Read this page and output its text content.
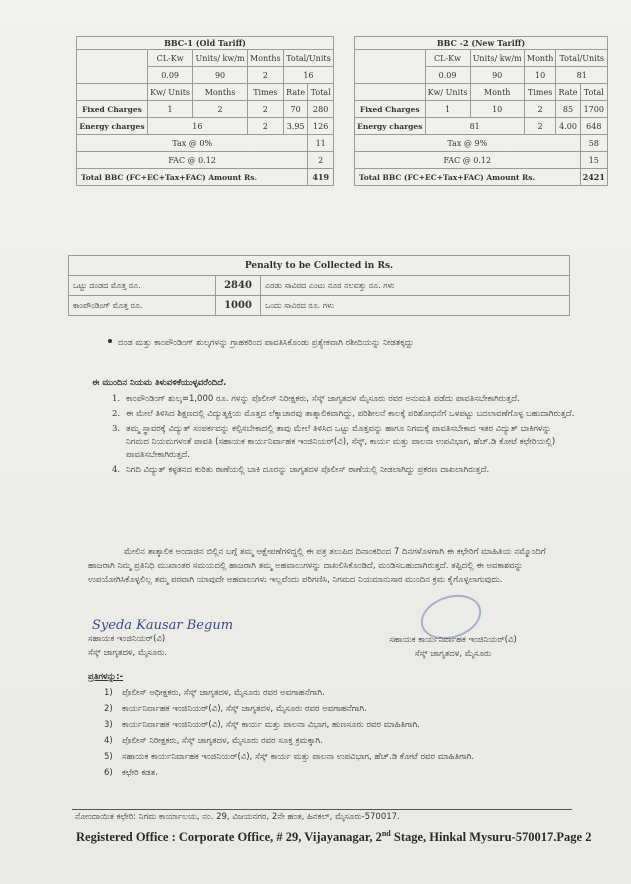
BBC-1 (Old Tariff)					
	CL-Kw	Units/ kw/m	Months	Total/Units	
	0.09	90	2	16	
	Kw/ Units	Months	Times	Rate	Total
Fixed Charges	1	2	2	70	280
Energy charges	16		2	3.95	126
Tax @ 0%					11
FAC @ 0.12					2
Total BBC (FC+EC+Tax+FAC) Amount Rs.					419
BBC -2 (New Tariff)					
	CL-Kw	Units/ kw/m	Month	Total/Units	
	0.09	90	10	81	
	Kw/ Units	Month	Times	Rate	Total
Fixed Charges	1	10	2	85	1700
Energy charges	81		2	4.00	648
Tax @ 9%					58
FAC @ 0.12					15
Total BBC (FC+EC+Tax+FAC) Amount Rs.					2421
Penalty to be Collected in Rs.		
ಒಟ್ಟು ದಂಡದ ಮೊತ್ತ ರೂ.	2840	ಎರಡು ಸಾವಿರದ ಎಂಟು ನೂರ ನಲವತ್ತು ರೂ. ಗಳು
ಕಾಂಪೌಂಡಿಂಗ್ ಮೊತ್ತ ರೂ.	1000	ಒಂದು ಸಾವಿರದ ರೂ. ಗಳು
ದಂಡ ಮತ್ತು ಕಾಂಪೌಂಡಿಂಗ್ ಶುಲ್ಕಗಳನ್ನು ಗ್ರಾಹಕರಿಂದ ಪಾವತಿಸಿಕೊಂಡು ಪ್ರತ್ಯೇಕವಾಗಿ ರಶೀದಿಯನ್ನು ನೀಡತಕ್ಕದ್ದು
ಈ ಮುಂದಿನ ನಿಯಮ ತಿಳುವಳಿಕೆಯುಳ್ಳವರೆಂದಿದೆ.
1. ಕಾಂಪೌಂಡಿಂಗ್ ಶುಲ್ಕ=1,000 ರೂ. ಗಳನ್ನು ಪೊಲೀಸ್ ನಿರೀಕ್ಷಕರು, ಸೆಸ್ಕ್ ಜಾಗೃತದಳ ಮೈಸೂರು ರವರ ಅನುಮತಿ ಪಡೆದು ಪಾವತಿಸಬೇಕಾಗಿರುತ್ತದೆ.
2. ಈ ಮೇಲೆ ತಿಳಿಸಿದ ಶಿಕ್ಷಣದಲ್ಲಿ ವಿದ್ಯುತ್ಶಕ್ತಿಯ ಮೊತ್ತದ ಲೆಕ್ಕಾಚಾರವು ತಾತ್ಕಾಲಿಕವಾಗಿದ್ದು, ಪರಿಶೀಲನೆ ಕಾಲಕ್ಕೆ ಪರಿಶೋಧನೆಗೆ ಒಳಪಟ್ಟು ಬದಲಾವಣೆಗೊಳ್ಳ ಬಹುದಾಗಿರುತ್ತದೆ.
3. ತಮ್ಮ ಸ್ಥಾವರಕ್ಕೆ ವಿದ್ಯುತ್ ಸಂಪರ್ಕವನ್ನು ಕಲ್ಪಿಸಬೇಕಾದಲ್ಲಿ ತಾವು ಮೇಲೆ ತಿಳಿಸಿದ ಒಟ್ಟು ಮೊತ್ತವನ್ನು ಹಾಗೂ ನಿಗಮಕ್ಕೆ ಪಾವತಿಸಬೇಕಾದ ಇತರ ವಿದ್ಯುತ್ ಬಾಕಿಗಳನ್ನು ನಿಗಮದ ನಿಯಮಗಳಂತೆ ಪಾವತಿ (ಸಹಾಯಕ ಕಾರ್ಯನಿರ್ವಾಹಕ ಇಂಜಿನಿಯರ್(ವಿ), ಸೆಸ್ಕ್, ಕಾರ್ಯ ಮತ್ತು ಪಾಲನಾ ಉಪವಿಭಾಗ, ಹೆಚ್.ಡಿ ಕೋಟೆ ಕಛೇರಿಯಲ್ಲಿ) ಪಾವತಿಸಬೇಕಾಗಿರುತ್ತದೆ.
4. ನಿಗದಿ ವಿದ್ಯುತ್ ಕಳ್ಳತನದ ಕುರಿತು ಠಾಣೆಯಲ್ಲಿ ಬಾಕಿ ದೂರನ್ನು ಜಾಗೃತದಳ ಪೊಲೀಸ್ ಠಾಣೆಯಲ್ಲಿ ನೀಡಲಾಗಿದ್ದು ಪ್ರಕರಣ ದಾಖಲಾಗಿರುತ್ತದೆ.
ಮೇಲಿನ ತಾತ್ಕಾಲಿಕ ಅಂದಾಜಿನ ಬಿಲ್ಲಿನ ಬಗ್ಗೆ ತಮ್ಮ ಆಕ್ಷೇಪಣೆಗಳಿದ್ದಲ್ಲಿ ಈ ಪತ್ರ ತಲುಪಿದ ದಿನಾಂಕದಿಂದ 7 ದಿನಗಳೊಳಗಾಗಿ ಈ ಕಛೇರಿಗೆ ಮಾಹಿತಿಯ ನಮ್ಮೊಂದಿಗೆ ಹಾಜರಾಗಿ ನಿಮ್ಮ ಪ್ರತಿನಿಧಿ ಮುಖಾಂತರ ಸಮಯದಲ್ಲಿ ಹಾಜರಾಗಿ ತಮ್ಮ ಅಹವಾಲುಗಳನ್ನು ದಾಖಲಿಸಿಕೊಂಡಿದೆ, ಮಂಡಿಸಬಹುದಾಗಿರುತ್ತದೆ. ತಪ್ಪಿದಲ್ಲಿ ಈ ಅವಕಾಶವನ್ನು ಉಪಯೋಗಿಸಿಕೊಳ್ಳಲಿಲ್ಲ ತಮ್ಮ ಪರವಾಗಿ ಯಾವುದೇ ಅಹವಾಲುಗಳು ಇಲ್ಲವೆಂದು ಪರಿಗಣಿಸಿ, ನಿಗಮದ ನಿಯಮಾನುಸಾರ ಮುಂದಿನ ಕ್ರಮ ಕೈಗೊಳ್ಳಲಾಗುವುದು.
Syeda Kausar Begum
ಸಹಾಯಕ ಇಂಜಿನಿಯರ್(ವಿ)
ಸೆಸ್ಕ್ ಜಾಗೃತದಳ, ಮೈಸೂರು.
ಸಹಾಯಕ ಕಾರ್ಯನಿರ್ವಾಹಕ ಇಂಜಿನಿಯರ್(ವಿ)
ಸೆಸ್ಕ್ ಜಾಗೃತದಳ, ಮೈಸೂರು
ಪ್ರತಿಗಳನ್ನು:-
1) ಪೊಲೀಸ್ ಅಧೀಕ್ಷಕರು, ಸೆಸ್ಕ್ ಜಾಗೃತದಳ, ಮೈಸೂರು ರವರ ಅವಗಾಹನೆಗಾಗಿ.
2) ಕಾರ್ಯನಿರ್ವಾಹಕ ಇಂಜಿನಿಯರ್(ವಿ), ಸೆಸ್ಕ್ ಜಾಗೃತದಳ, ಮೈಸೂರು ರವರ ಅವಗಾಹನೆಗಾಗಿ.
3) ಕಾರ್ಯನಿರ್ವಾಹಕ ಇಂಜಿನಿಯರ್(ವಿ), ಸೆಸ್ಕ್ ಕಾರ್ಯ ಮತ್ತು ಪಾಲನಾ ವಿಭಾಗ, ಹುಣಸೂರು ರವರ ಮಾಹಿತಿಗಾಗಿ.
4) ಪೊಲೀಸ್ ನಿರೀಕ್ಷಕರು, ಸೆಸ್ಕ್ ಜಾಗೃತದಳ, ಮೈಸೂರು ರವರ ಸೂಕ್ತ ಕ್ರಮಕ್ಕಾಗಿ.
5) ಸಹಾಯಕ ಕಾರ್ಯನಿರ್ವಾಹಕ ಇಂಜಿನಿಯರ್(ವಿ), ಸೆಸ್ಕ್ ಕಾರ್ಯ ಮತ್ತು ಪಾಲನಾ ಉಪವಿಭಾಗ, ಹೆಚ್.ಡಿ ಕೋಟೆ ರವರ ಮಾಹಿತಿಗಾಗಿ.
6) ಕಛೇರಿ ಕಡತ.
ನೋಂದಾಯಿತ ಕಛೇರಿ: ನಿಗಮ ಕಾರ್ಯಾಲಯ, ನಂ. 29, ವಿಜಯನಗರ, 2ನೇ ಹಂತ, ಹಿನಕಲ್, ಮೈಸೂರು-570017.
Registered Office : Corporate Office, # 29, Vijayanagar, 2nd Stage, Hinkal Mysuru-570017.Page 2
